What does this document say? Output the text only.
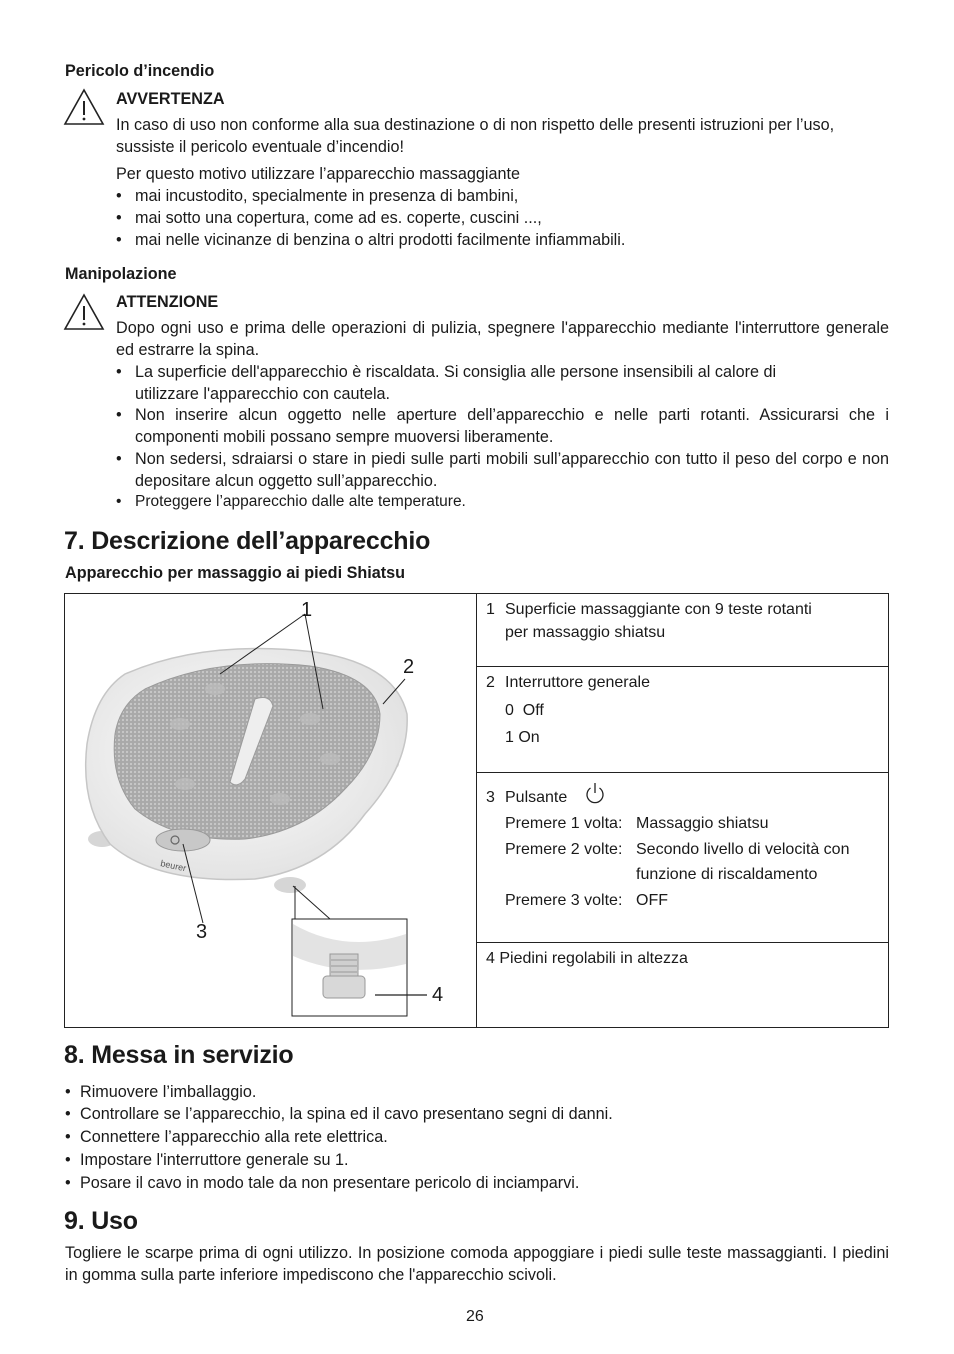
Pericolo d’incendio
AVVERTENZA
In caso di uso non conforme alla sua destinazione o di non rispetto delle presenti istruzioni per l’uso, sussiste il pericolo eventuale d’incendio!
Per questo motivo utilizzare l’apparecchio massaggiante
• mai incustodito, specialmente in presenza di bambini,
• mai sotto una copertura, come ad es. coperte, cuscini ...,
• mai nelle vicinanze di benzina o altri prodotti facilmente infiammabili.
Manipolazione
ATTENZIONE
Dopo ogni uso e prima delle operazioni di pulizia, spegnere l'apparecchio mediante l'interruttore generale ed estrarre la spina.
• La superficie dell'apparecchio è riscaldata. Si consiglia alle persone insensibili al calore di utilizzare l'apparecchio con cautela.
• Non inserire alcun oggetto nelle aperture dell’apparecchio e nelle parti rotanti. Assicurarsi che i componenti mobili possano sempre muoversi liberamente.
• Non sedersi, sdraiarsi o stare in piedi sulle parti mobili sull’apparecchio con tutto il peso del corpo e non depositare alcun oggetto sull’apparecchio.
• Proteggere l’apparecchio dalle alte temperature.
7. Descrizione dell’apparecchio
Apparecchio per massaggio ai piedi Shiatsu
beurer
1
2
3
4
1 Superficie massaggiante con 9 teste rotanti
per massaggio shiatsu
2 Interruttore generale
0  Off
1 On
3 Pulsante
Premere 1 volta: Massaggio shiatsu
Premere 2 volte: Secondo livello di velocità con
funzione di riscaldamento
Premere 3 volte: OFF
4 Piedini regolabili in altezza
8. Messa in servizio
• Rimuovere l’imballaggio.
• Controllare se l’apparecchio, la spina ed il cavo presentano segni di danni.
• Connettere l’apparecchio alla rete elettrica.
• Impostare l'interruttore generale su 1.
• Posare il cavo in modo tale da non presentare pericolo di inciamparvi.
9. Uso
Togliere le scarpe prima di ogni utilizzo. In posizione comoda appoggiare i piedi sulle teste massaggianti. I piedini in gomma sulla parte inferiore impediscono che l'apparecchio scivoli.
26
